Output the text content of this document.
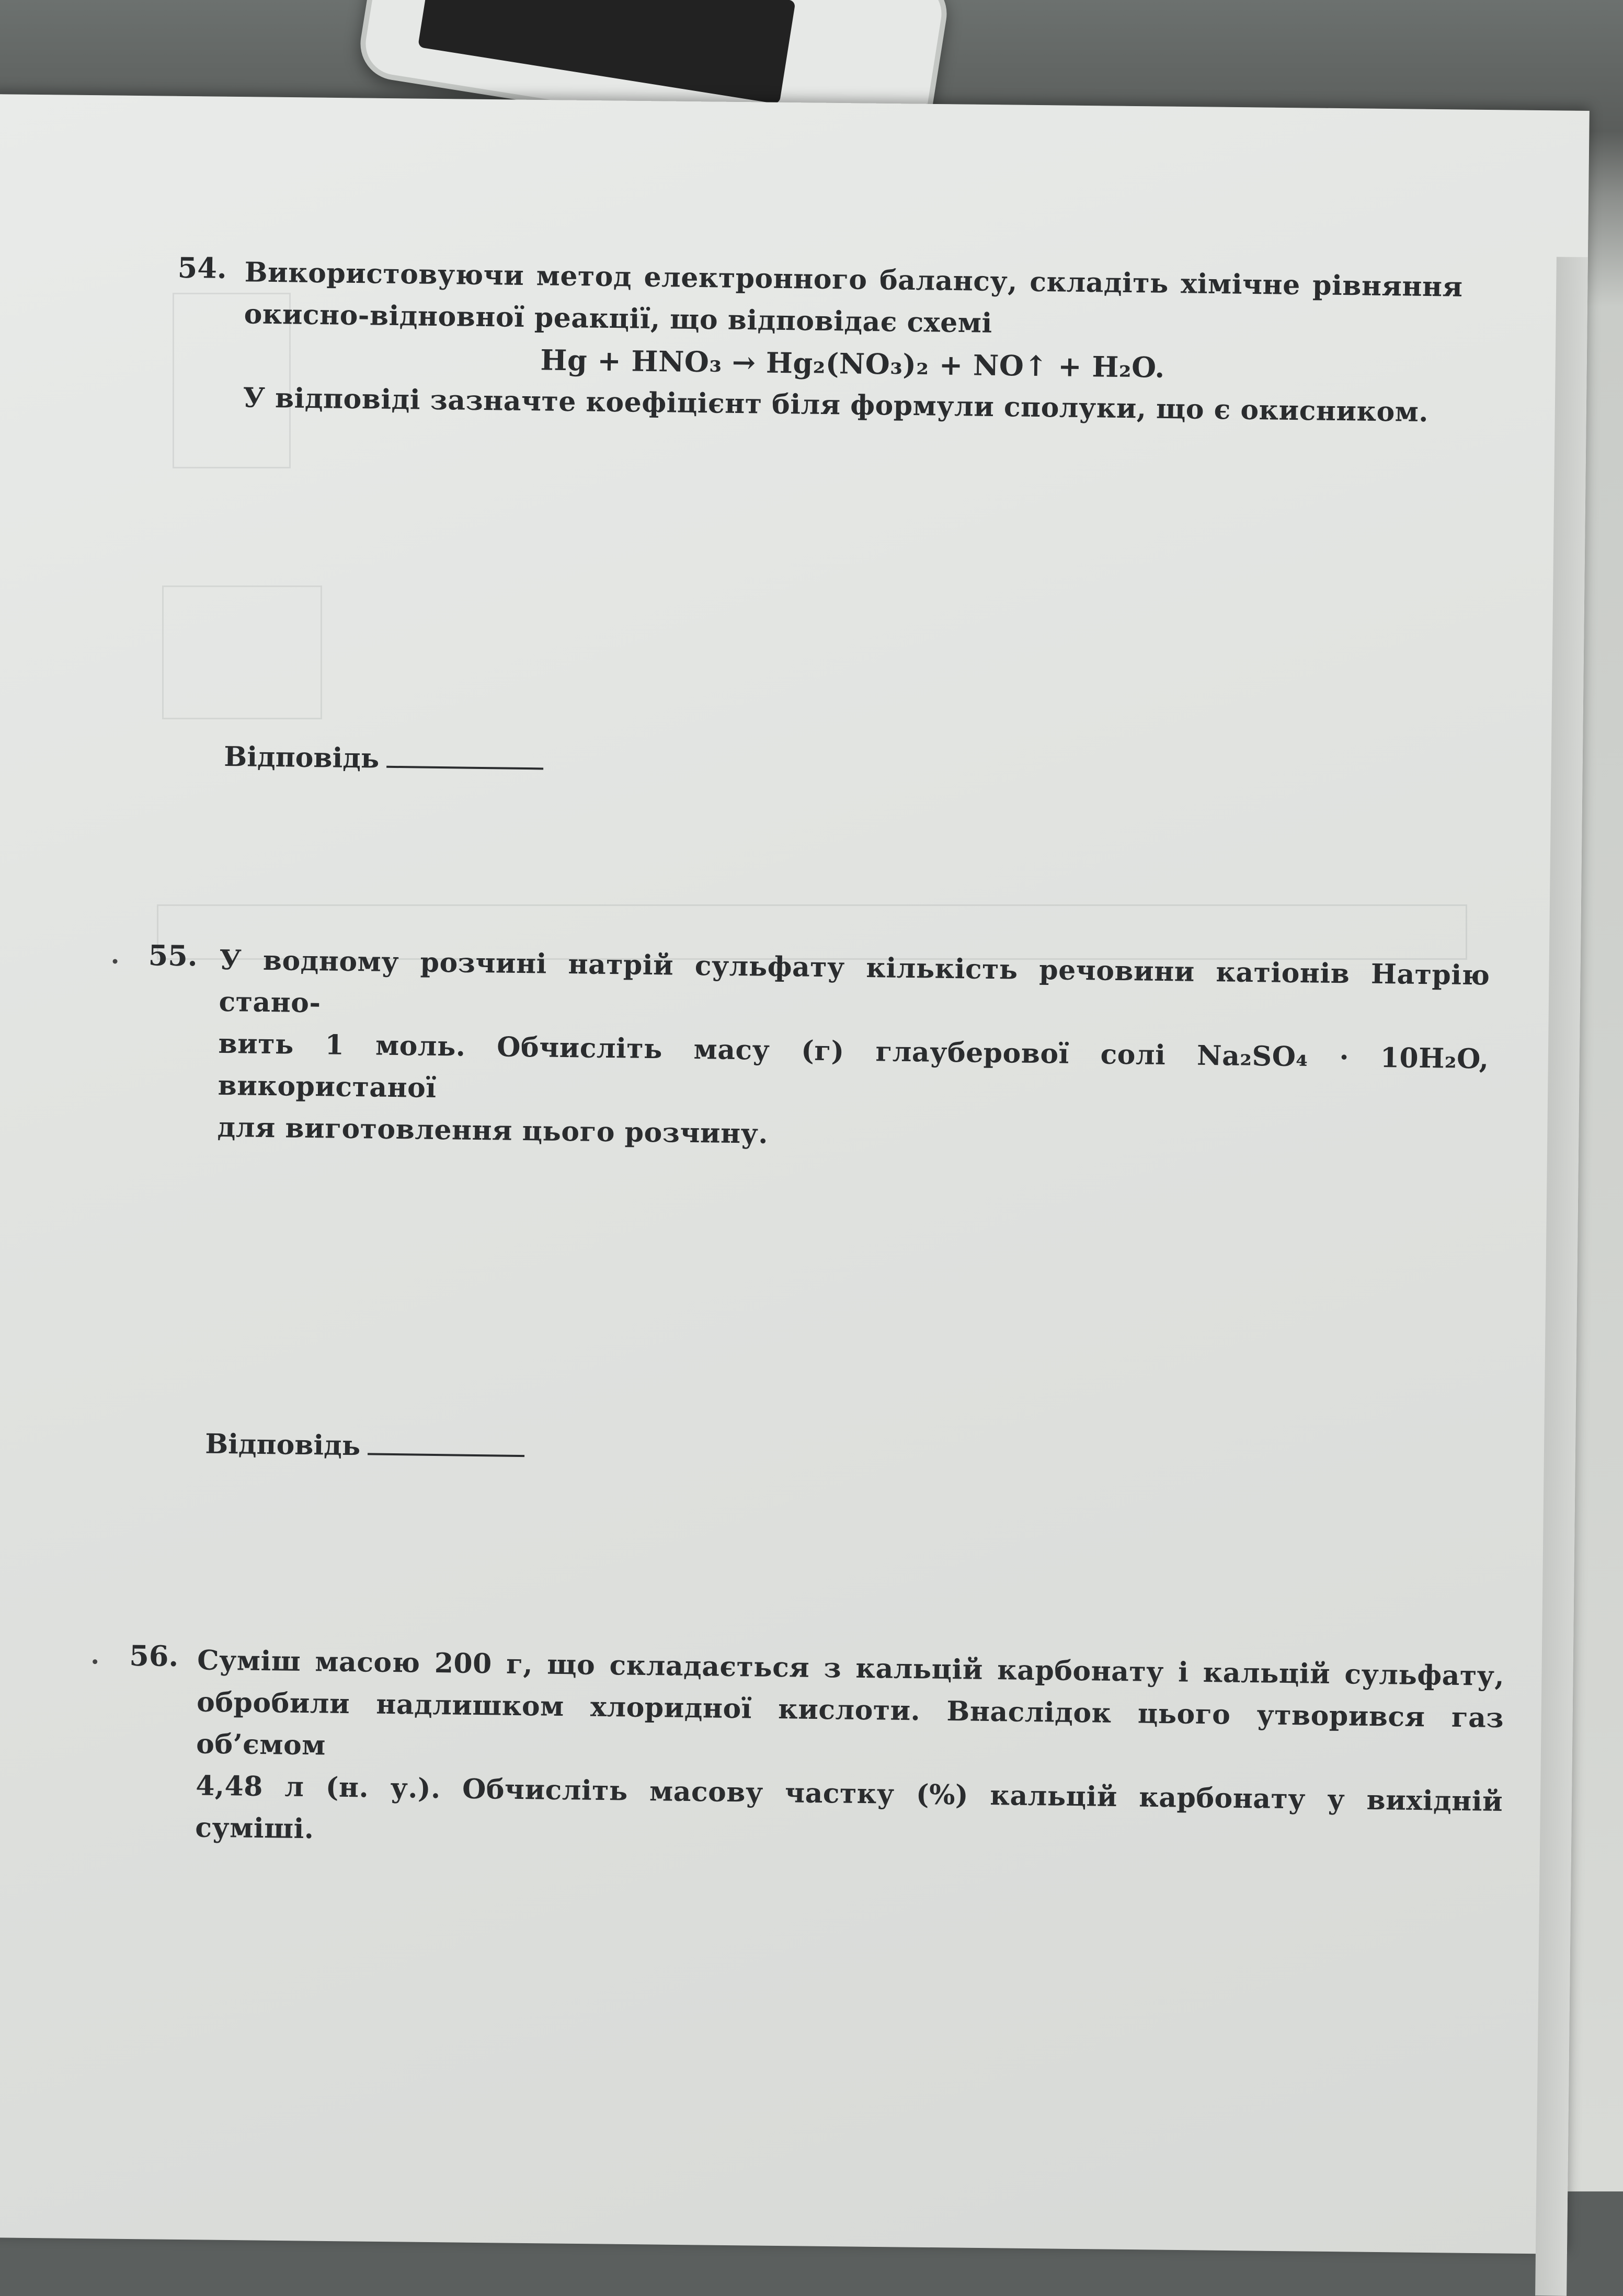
54. Використовуючи метод електронного балансу, складіть хімічне рівняння
окисно-відновної реакції, що відповідає схемі
Hg + HNO₃ → Hg₂(NO₃)₂ + NO↑ + H₂O.
У відповіді зазначте коефіцієнт біля формули сполуки, що є окисником.
Відповідь
55. У водному розчині натрій сульфату кількість речовини катіонів Натрію стано-
вить 1 моль. Обчисліть масу (г) глауберової солі Na₂SO₄ · 10H₂O, використаної
для виготовлення цього розчину.
Відповідь
56. Суміш масою 200 г, що складається з кальцій карбонату і кальцій сульфату,
обробили надлишком хлоридної кислоти. Внаслідок цього утворився газ об’ємом
4,48 л (н. у.). Обчисліть масову частку (%) кальцій карбонату у вихідній
суміші.
